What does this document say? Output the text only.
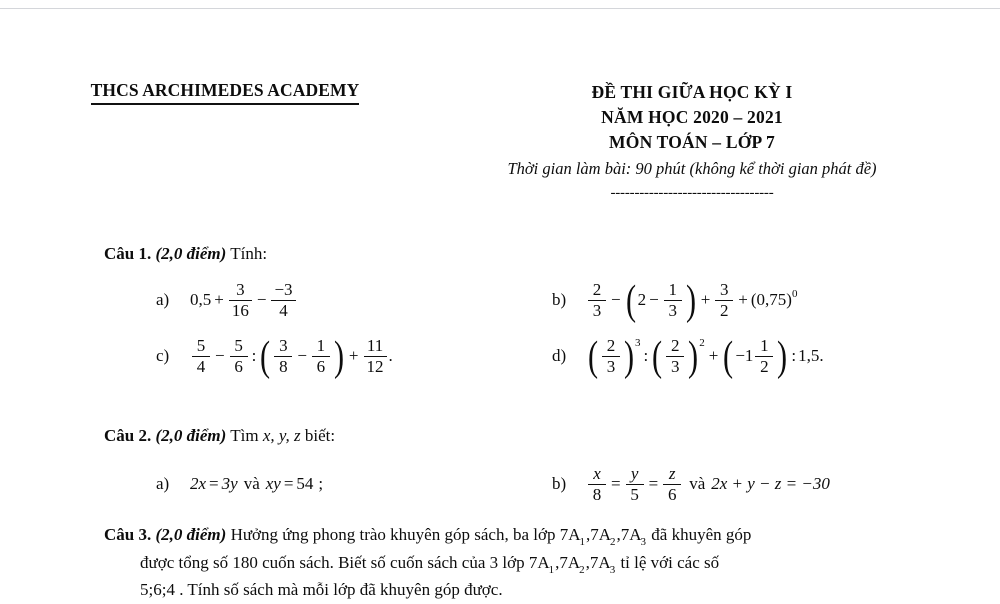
THCS ARCHIMEDES ACADEMY	ĐỀ THI GIỮA HỌC KỲ I
NĂM HỌC 2020 – 2021
MÔN TOÁN – LỚP 7
Thời gian làm bài: 90 phút (không kể thời gian phát đề)
----------------------------------
Câu 1. (2,0 điểm) Tính:
a)	$0,5 + \frac{3}{16} - \frac{-3}{4}$	b)	$\frac{2}{3}$ − ( $2 - \frac{1}{3}$ ) + $\frac{3}{2} + (0,75)$ 0
c)	$\frac{5}{4} - \frac{5}{6}$ : ( $\frac{3}{8} - \frac{1}{6}$ ) + $\frac{11}{12}$ .	d) ( $\frac{2}{3}$ ) 3
: ( $\frac{2}{3}$ ) 2
+ ( $-1 \frac{1}{2}$ ) : 1,5.
Câu 2. (2,0 điểm) Tìm x, y, z biết:
a)	2x = 3y và xy = 54 ;	b)	$\frac{x}{8} = \frac{y}{5} = \frac{z}{6}$ và 2x + y − z = −30
Câu 3. (2,0 điểm) Hưởng ứng phong trào khuyên góp sách, ba lớp $7A_1,7A_2,7A_3$ đã khuyên góp
được tổng số 180 cuốn sách. Biết số cuốn sách của 3 lớp $7A_1,7A_2,7A_3$ tỉ lệ với các số
5;6;4 . Tính số sách mà mỗi lớp đã khuyên góp được.
